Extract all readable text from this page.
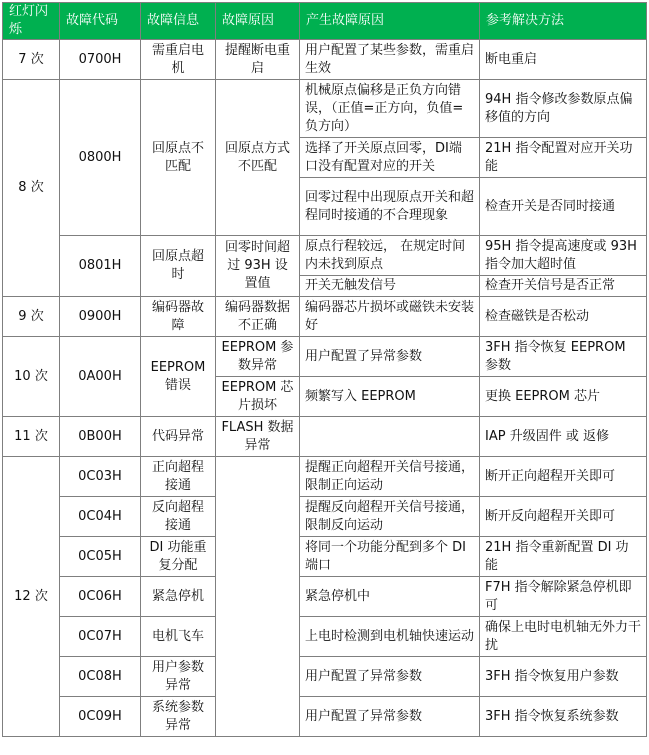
红灯闪烁	故障代码	故障信息	故障原因	产生故障原因	参考解决方法
7 次	0700H	需重启电机	提醒断电重启	用户配置了某些参数，需重启生效	断电重启
8 次	0800H	回原点不匹配	回原点方式不匹配	机械原点偏移是正负方向错误，（正值=正方向，负值=负方向）	94H 指令修改参数原点偏移值的方向
				选择了开关原点回零，DI端口没有配置对应的开关	21H 指令配置对应开关功能
				回零过程中出现原点开关和超程同时接通的不合理现象	检查开关是否同时接通
	0801H	回原点超时	回零时间超过 93H 设置值	原点行程较远， 在规定时间内未找到原点	95H 指令提高速度或 93H 指令加大超时值
				开关无触发信号	检查开关信号是否正常
9 次	0900H	编码器故障	编码器数据不正确	编码器芯片损坏或磁铁未安装好	检查磁铁是否松动
10 次	0A00H	EEPROM 错误	EEPROM 参数异常	用户配置了异常参数	3FH 指令恢复 EEPROM 参数
			EEPROM 芯片损坏	频繁写入 EEPROM	更换 EEPROM 芯片
11 次	0B00H	代码异常	FLASH 数据异常		IAP 升级固件 或 返修
12 次	0C03H	正向超程接通		提醒正向超程开关信号接通，限制正向运动	断开正向超程开关即可
	0C04H	反向超程接通		提醒反向超程开关信号接通，限制反向运动	断开反向超程开关即可
	0C05H	DI 功能重复分配		将同一个功能分配到多个 DI 端口	21H 指令重新配置 DI 功能
	0C06H	紧急停机		紧急停机中	F7H 指令解除紧急停机即可
	0C07H	电机飞车		上电时检测到电机轴快速运动	确保上电时电机轴无外力干扰
	0C08H	用户参数异常		用户配置了异常参数	3FH 指令恢复用户参数
	0C09H	系统参数异常		用户配置了异常参数	3FH 指令恢复系统参数
